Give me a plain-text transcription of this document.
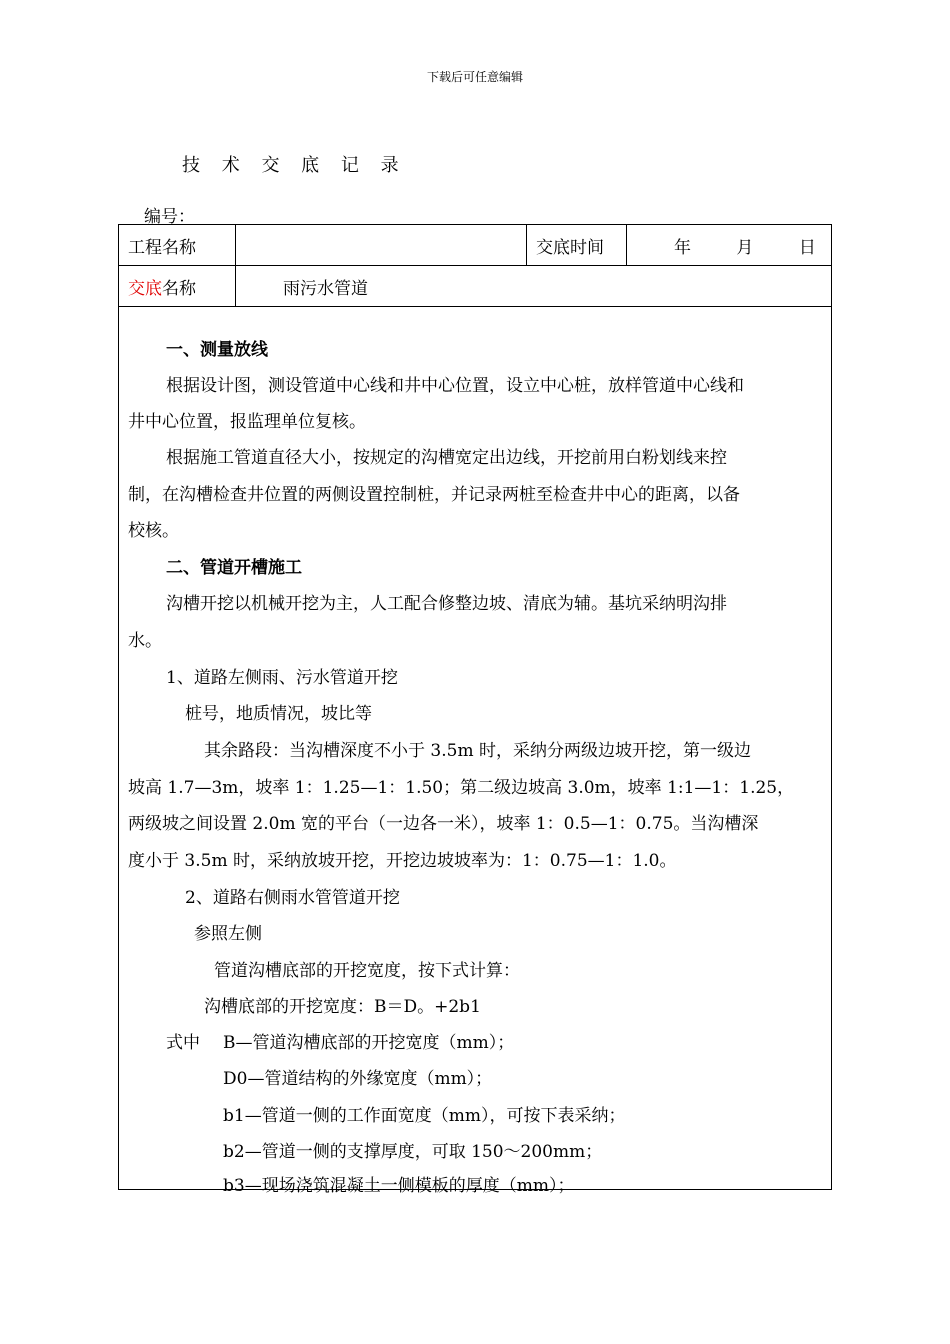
下载后可任意编辑
技 术 交 底 记 录
编号：
工程名称		交底时间	年 月 日
交底名称	雨污水管道		
一、测量放线
根据设计图，测设管道中心线和井中心位置，设立中心桩，放样管道中心线和
井中心位置，报监理单位复核。
根据施工管道直径大小，按规定的沟槽宽定出边线，开挖前用白粉划线来控
制，在沟槽检查井位置的两侧设置控制桩，并记录两桩至检查井中心的距离，以备
校核。
二、管道开槽施工
沟槽开挖以机械开挖为主，人工配合修整边坡、清底为辅。基坑采纳明沟排
水。
1、道路左侧雨、污水管道开挖
桩号，地质情况，坡比等
其余路段：当沟槽深度不小于 3.5m 时，采纳分两级边坡开挖，第一级边
坡高 1.7—3m，坡率 1：1.25—1：1.50；第二级边坡高 3.0m，坡率 1:1—1：1.25，
两级坡之间设置 2.0m 宽的平台（一边各一米），坡率 1：0.5—1：0.75。当沟槽深
度小于 3.5m 时，采纳放坡开挖，开挖边坡坡率为：1：0.75—1：1.0。
2、道路右侧雨水管管道开挖
参照左侧
管道沟槽底部的开挖宽度，按下式计算：
沟槽底部的开挖宽度：B＝D。+2b1
式中 B—管道沟槽底部的开挖宽度（mm）；
D0—管道结构的外缘宽度（mm）；
b1—管道一侧的工作面宽度（mm），可按下表采纳；
b2—管道一侧的支撑厚度，可取 150～200mm；
b3—现场浇筑混凝土一侧模板的厚度（mm）；
